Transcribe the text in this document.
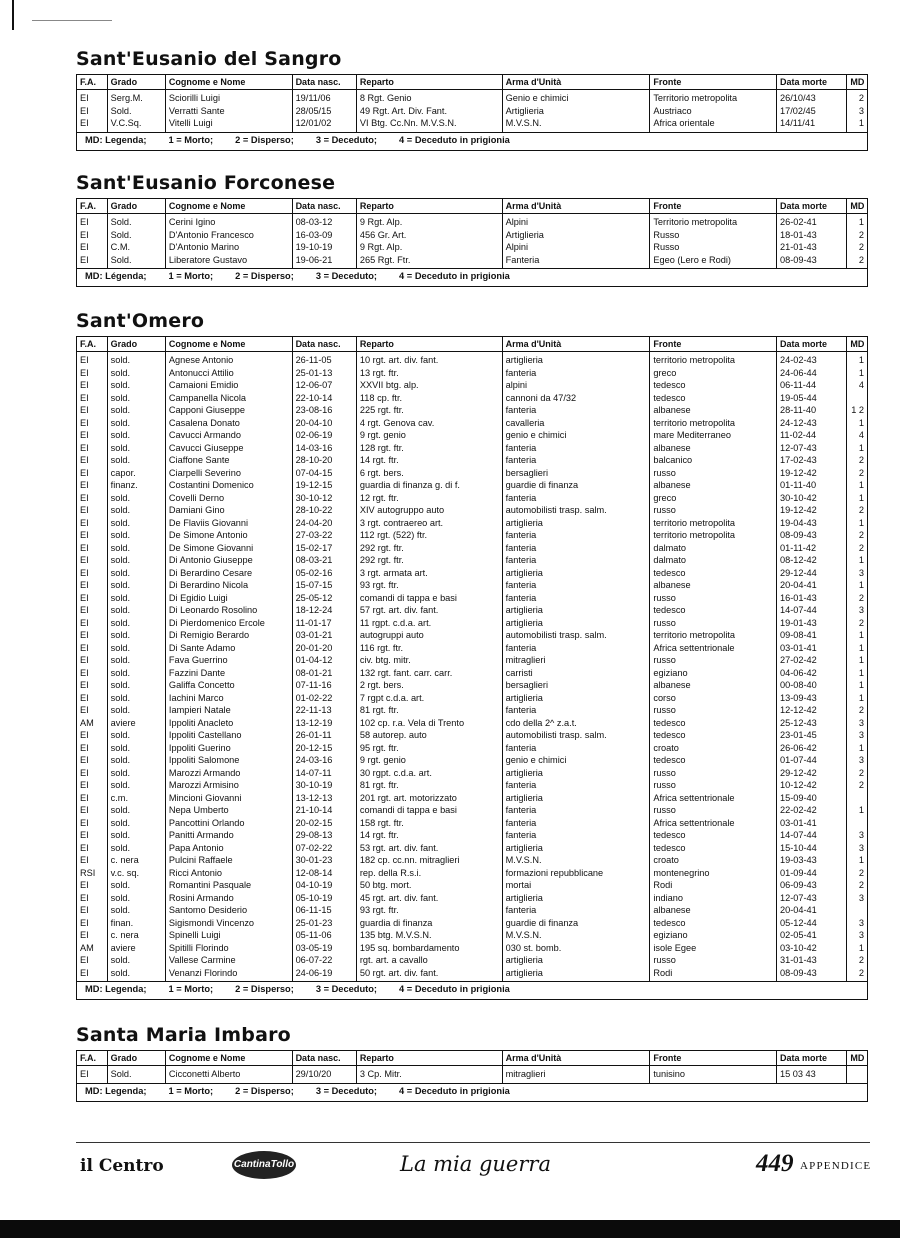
Sant'Eusanio del Sangro
F.A.	Grado	Cognome e Nome	Data nasc.	Reparto	Arma d'Unità	Fronte	Data morte	MD
EI	Serg.M.	Sciorilli Luigi	19/11/06	8 Rgt. Genio	Genio e chimici	Territorio metropolita	26/10/43	2
EI	Sold.	Verratti Sante	28/05/15	49 Rgt. Art. Div. Fant.	Artiglieria	Austriaco	17/02/45	3
EI	V.C.Sq.	Vitelli Luigi	12/01/02	VI Btg. Cc.Nn. M.V.S.N.	M.V.S.N.	Africa orientale	14/11/41	1
MD: Legenda; 1 = Morto; 2 = Disperso; 3 = Deceduto; 4 = Deceduto in prigionia
Sant'Eusanio Forconese
F.A.	Grado	Cognome e Nome	Data nasc.	Reparto	Arma d'Unità	Fronte	Data morte	MD
EI	Sold.	Cerini Igino	08-03-12	9 Rgt. Alp.	Alpini	Territorio metropolita	26-02-41	1
EI	Sold.	D'Antonio Francesco	16-03-09	456 Gr. Art.	Artiglieria	Russo	18-01-43	2
EI	C.M.	D'Antonio Marino	19-10-19	9 Rgt. Alp.	Alpini	Russo	21-01-43	2
EI	Sold.	Liberatore Gustavo	19-06-21	265 Rgt. Ftr.	Fanteria	Egeo (Lero e Rodi)	08-09-43	2
MD: Légenda; 1 = Morto; 2 = Disperso; 3 = Deceduto; 4 = Deceduto in prigionia
Sant'Omero
F.A.	Grado	Cognome e Nome	Data nasc.	Reparto	Arma d'Unità	Fronte	Data morte	MD
EI	sold.	Agnese Antonio	26-11-05	10 rgt. art. div. fant.	artiglieria	territorio metropolita	24-02-43	1
EI	sold.	Antonucci Attilio	25-01-13	13 rgt. ftr.	fanteria	greco	24-06-44	1
EI	sold.	Camaioni Emidio	12-06-07	XXVII btg. alp.	alpini	tedesco	06-11-44	4
EI	sold.	Campanella Nicola	22-10-14	118 cp. ftr.	cannoni da 47/32	tedesco	19-05-44	
EI	sold.	Capponi Giuseppe	23-08-16	225 rgt. ftr.	fanteria	albanese	28-11-40	1 2
EI	sold.	Casalena Donato	20-04-10	4 rgt. Genova cav.	cavalleria	territorio metropolita	24-12-43	1
EI	sold.	Cavucci Armando	02-06-19	9 rgt. genio	genio e chimici	mare Mediterraneo	11-02-44	4
EI	sold.	Cavucci Giuseppe	14-03-16	128 rgt. ftr.	fanteria	albanese	12-07-43	1
EI	sold.	Ciaffone Sante	28-10-20	14 rgt. ftr.	fanteria	balcanico	17-02-43	2
EI	capor.	Ciarpelli Severino	07-04-15	6 rgt. bers.	bersaglieri	russo	19-12-42	2
EI	finanz.	Costantini Domenico	19-12-15	guardia di finanza g. di f.	guardie di finanza	albanese	01-11-40	1
EI	sold.	Covelli Derno	30-10-12	12 rgt. ftr.	fanteria	greco	30-10-42	1
EI	sold.	Damiani Gino	28-10-22	XIV autogruppo auto	automobilisti trasp. salm.	russo	19-12-42	2
EI	sold.	De Flaviis Giovanni	24-04-20	3 rgt. contraereo art.	artiglieria	territorio metropolita	19-04-43	1
EI	sold.	De Simone Antonio	27-03-22	112 rgt. (522) ftr.	fanteria	territorio metropolita	08-09-43	2
EI	sold.	De Simone Giovanni	15-02-17	292 rgt. ftr.	fanteria	dalmato	01-11-42	2
EI	sold.	Di Antonio Giuseppe	08-03-21	292 rgt. ftr.	fanteria	dalmato	08-12-42	1
EI	sold.	Di Berardino Cesare	05-02-16	3 rgt. armata art.	artiglieria	tedesco	29-12-44	3
EI	sold.	Di Berardino Nicola	15-07-15	93 rgt. ftr.	fanteria	albanese	20-04-41	1
EI	sold.	Di Egidio Luigi	25-05-12	comandi di tappa e basi	fanteria	russo	16-01-43	2
EI	sold.	Di Leonardo Rosolino	18-12-24	57 rgt. art. div. fant.	artiglieria	tedesco	14-07-44	3
EI	sold.	Di Pierdomenico Ercole	11-01-17	11 rgpt. c.d.a. art.	artiglieria	russo	19-01-43	2
EI	sold.	Di Remigio Berardo	03-01-21	autogruppi auto	automobilisti trasp. salm.	territorio metropolita	09-08-41	1
EI	sold.	Di Sante Adamo	20-01-20	116 rgt. ftr.	fanteria	Africa settentrionale	03-01-41	1
EI	sold.	Fava Guerrino	01-04-12	civ. btg. mitr.	mitraglieri	russo	27-02-42	1
EI	sold.	Fazzini Dante	08-01-21	132 rgt. fant. carr. carr.	carristi	egiziano	04-06-42	1
EI	sold.	Galiffa Concetto	07-11-16	2 rgt. bers.	bersaglieri	albanese	00-08-40	1
EI	sold.	Iachini Marco	01-02-22	7 rgpt c.d.a. art.	artiglieria	corso	13-09-43	1
EI	sold.	Iampieri Natale	22-11-13	81 rgt. ftr.	fanteria	russo	12-12-42	2
AM	aviere	Ippoliti Anacleto	13-12-19	102 cp. r.a. Vela di Trento	cdo della 2^ z.a.t.	tedesco	25-12-43	3
EI	sold.	Ippoliti Castellano	26-01-11	58 autorep. auto	automobilisti trasp. salm.	tedesco	23-01-45	3
EI	sold.	Ippoliti Guerino	20-12-15	95 rgt. ftr.	fanteria	croato	26-06-42	1
EI	sold.	Ippoliti Salomone	24-03-16	9 rgt. genio	genio e chimici	tedesco	01-07-44	3
EI	sold.	Marozzi Armando	14-07-11	30 rgpt. c.d.a. art.	artiglieria	russo	29-12-42	2
EI	sold.	Marozzi Armisino	30-10-19	81 rgt. ftr.	fanteria	russo	10-12-42	2
EI	c.m.	Mincioni Giovanni	13-12-13	201 rgt. art. motorizzato	artiglieria	Africa settentrionale	15-09-40	
EI	sold.	Nepa Umberto	21-10-14	comandi di tappa e basi	fanteria	russo	22-02-42	1
EI	sold.	Pancottini Orlando	20-02-15	158 rgt. ftr.	fanteria	Africa settentrionale	03-01-41	
EI	sold.	Panitti Armando	29-08-13	14 rgt. ftr.	fanteria	tedesco	14-07-44	3
EI	sold.	Papa Antonio	07-02-22	53 rgt. art. div. fant.	artiglieria	tedesco	15-10-44	3
EI	c. nera	Pulcini Raffaele	30-01-23	182 cp. cc.nn. mitraglieri	M.V.S.N.	croato	19-03-43	1
RSI	v.c. sq.	Ricci Antonio	12-08-14	rep. della R.s.i.	formazioni repubblicane	montenegrino	01-09-44	2
EI	sold.	Romantini Pasquale	04-10-19	50 btg. mort.	mortai	Rodi	06-09-43	2
EI	sold.	Rosini Armando	05-10-19	45 rgt. art. div. fant.	artiglieria	indiano	12-07-43	3
EI	sold.	Santomo Desiderio	06-11-15	93 rgt. ftr.	fanteria	albanese	20-04-41	
EI	finan.	Sigismondi Vincenzo	25-01-23	guardia di finanza	guardie di finanza	tedesco	05-12-44	3
EI	c. nera	Spinelli Luigi	05-11-06	135 btg. M.V.S.N.	M.V.S.N.	egiziano	02-05-41	3
AM	aviere	Spitilli Florindo	03-05-19	195 sq. bombardamento	030 st. bomb.	isole Egee	03-10-42	1
EI	sold.	Vallese Carmine	06-07-22	rgt. art. a cavallo	artiglieria	russo	31-01-43	2
EI	sold.	Venanzi Florindo	24-06-19	50 rgt. art. div. fant.	artiglieria	Rodi	08-09-43	2
MD: Legenda; 1 = Morto; 2 = Disperso; 3 = Deceduto; 4 = Deceduto in prigionia
Santa Maria Imbaro
F.A.	Grado	Cognome e Nome	Data nasc.	Reparto	Arma d'Unità	Fronte	Data morte	MD
EI	Sold.	Cicconetti Alberto	29/10/20	3 Cp. Mitr.	mitraglieri	tunisino	15 03 43	
MD: Legenda; 1 = Morto; 2 = Disperso; 3 = Deceduto; 4 = Deceduto in prigionia
il Centro	CantinaTollo	La mia guerra	449 APPENDICE
